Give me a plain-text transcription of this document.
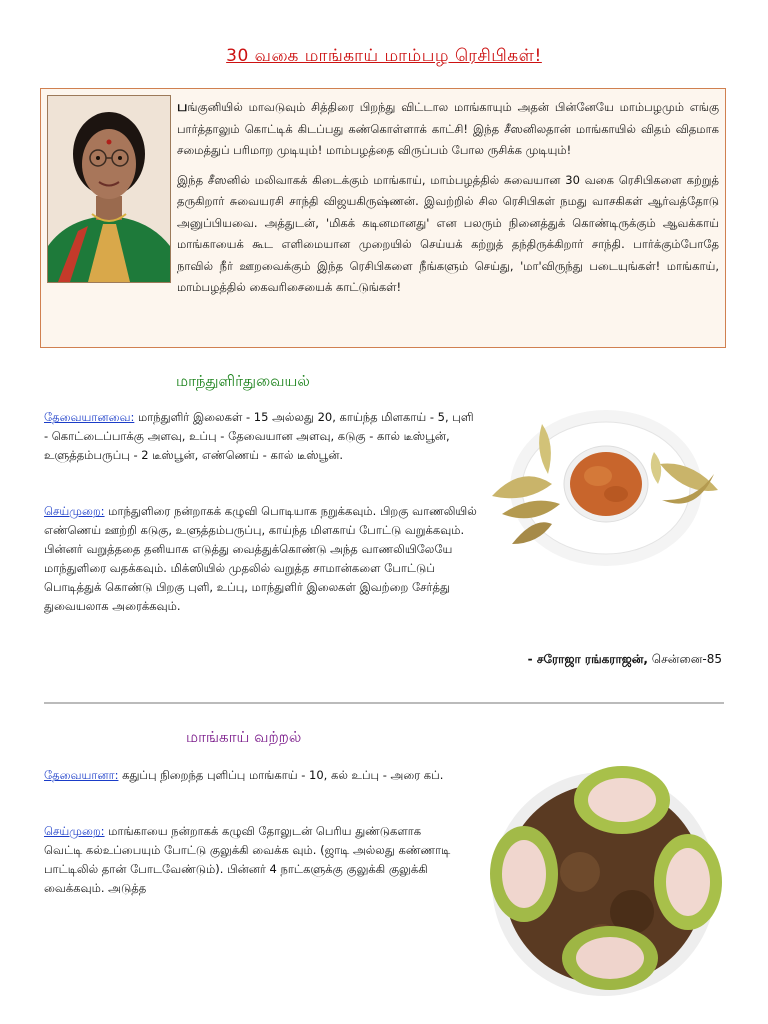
30 வகை மாங்காய் மாம்பழ ரெசிபிகள்!

பங்குனியில் மாவடுவும் சித்திரை பிறந்து விட்டால மாங்காயும் அதன் பின்னேயே மாம்பழமும் எங்கு பார்த்தாலும் கொட்டிக் கிடப்பது கண்கொள்ளாக் காட்சி! இந்த சீஸனிலதான் மாங்காயில் விதம் விதமாக சமைத்துப் பரிமாற முடியும்! மாம்பழத்தை விருப்பம் போல ருசிக்க முடியும்!

இந்த சீஸனில் மலிவாகக் கிடைக்கும் மாங்காய், மாம்பழத்தில் சுவையான 30 வகை ரெசிபிகளை கற்றுத் தருகிறார் சுவையரசி சாந்தி விஜயகிருஷ்ணன். இவற்றில் சில ரெசிபிகள் நமது வாசகிகள் ஆர்வத்தோடு அனுப்பியவை. அத்துடன், 'மிகக் கடினமானது' என பலரும் நினைத்துக் கொண்டிருக்கும் ஆவக்காய் மாங்காயைக் கூட எளிமையான முறையில் செய்யக் கற்றுத் தந்திருக்கிறார் சாந்தி. பார்க்கும்போதே நாவில் நீர் ஊறவைக்கும் இந்த ரெசிபிகளை நீங்களும் செய்து, 'மா'விருந்து படையுங்கள்! மாங்காய், மாம்பழத்தில் கைவரிசையைக் காட்டுங்கள்!

மாந்துளிர்துவையல்
தேவையானவை: மாந்துளிர் இலைகள் - 15 அல்லது 20, காய்ந்த மிளகாய் - 5, புளி - கொட்டைப்பாக்கு அளவு, உப்பு - தேவையான அளவு, கடுகு - கால் டீஸ்பூன், உளுத்தம்பருப்பு - 2 டீஸ்பூன், எண்ணெய் - கால் டீஸ்பூன்.
செய்முறை: மாந்துளிரை நன்றாகக் கழுவி பொடியாக நறுக்கவும். பிறகு வாணலியில் எண்ணெய் ஊற்றி கடுகு, உளுத்தம்பருப்பு, காய்ந்த மிளகாய் போட்டு வறுக்கவும். பின்னர் வறுத்ததை தனியாக எடுத்து வைத்துக்கொண்டு அந்த வாணலியிலேயே மாந்துளிரை வதக்கவும். மிக்ஸியில் முதலில் வறுத்த சாமான்களை போட்டுப் பொடித்துக் கொண்டு பிறகு புளி, உப்பு, மாந்துளிர் இலைகள் இவற்றை சேர்த்து துவையலாக அரைக்கவும்.
- சரோஜா ரங்கராஜன், சென்னை-85
மாங்காய் வற்றல்
தேவையானா: கதுப்பு நிறைந்த புளிப்பு மாங்காய் - 10, கல் உப்பு - அரை கப்.
செய்முறை: மாங்காயை நன்றாகக் கழுவி தோலுடன் பெரிய துண்டுகளாக வெட்டி கல்உப்பையும் போட்டு குலுக்கி வைக்க வும். (ஜாடி அல்லது கண்ணாடி பாட்டிலில் தான் போடவேண்டும்). பின்னர் 4 நாட்களுக்கு குலுக்கி குலுக்கி வைக்கவும். அடுத்த
